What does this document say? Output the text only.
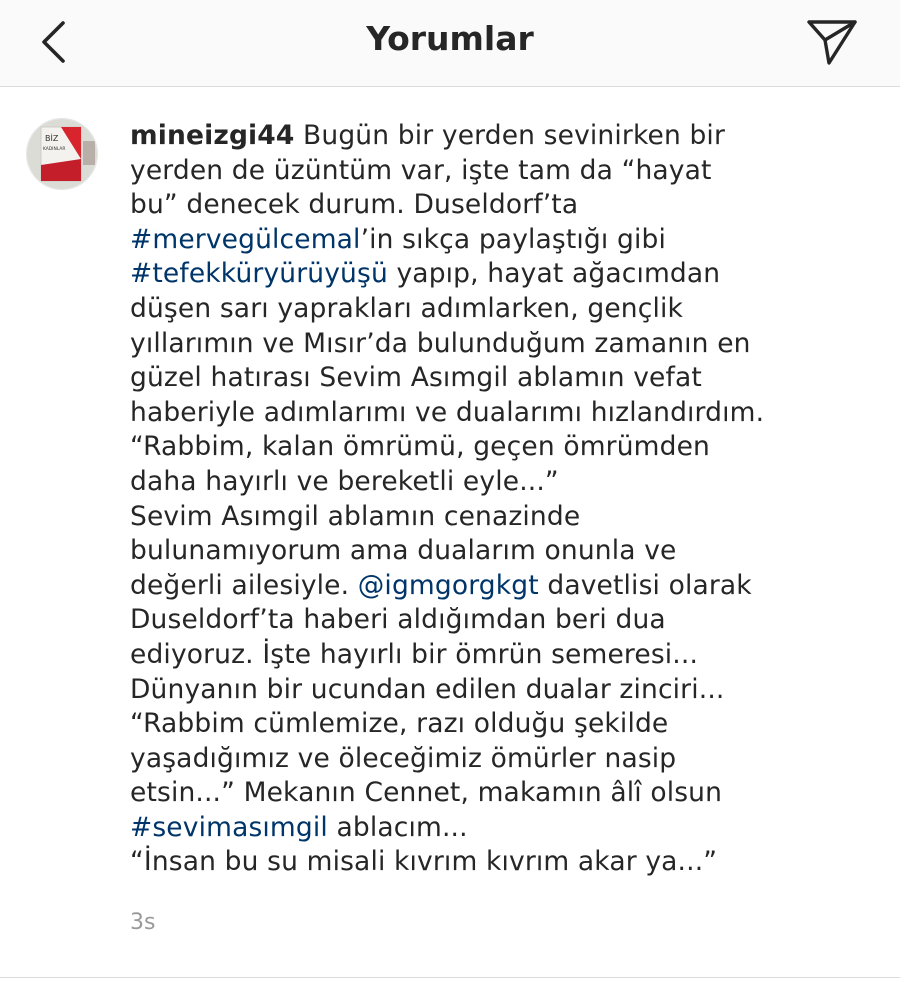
Yorumlar
BİZ
KADINLAR mineizgi44 Bugün bir yerden sevinirken bir
yerden de üzüntüm var, işte tam da “hayat
bu” denecek durum. Duseldorf’ta
#mervegülcemal’in sıkça paylaştığı gibi
#tefekküryürüyüşü yapıp, hayat ağacımdan
düşen sarı yaprakları adımlarken, gençlik
yıllarımın ve Mısır’da bulunduğum zamanın en
güzel hatırası Sevim Asımgil ablamın vefat
haberiyle adımlarımı ve dualarımı hızlandırdım.
“Rabbim, kalan ömrümü, geçen ömrümden
daha hayırlı ve bereketli eyle...”
Sevim Asımgil ablamın cenazinde
bulunamıyorum ama dualarım onunla ve
değerli ailesiyle. @igmgorgkgt davetlisi olarak
Duseldorf’ta haberi aldığımdan beri dua
ediyoruz. İşte hayırlı bir ömrün semeresi...
Dünyanın bir ucundan edilen dualar zinciri...
“Rabbim cümlemize, razı olduğu şekilde
yaşadığımız ve öleceğimiz ömürler nasip
etsin...” Mekanın Cennet, makamın âlî olsun
#sevimasımgil ablacım...
“İnsan bu su misali kıvrım kıvrım akar ya...”
3s
